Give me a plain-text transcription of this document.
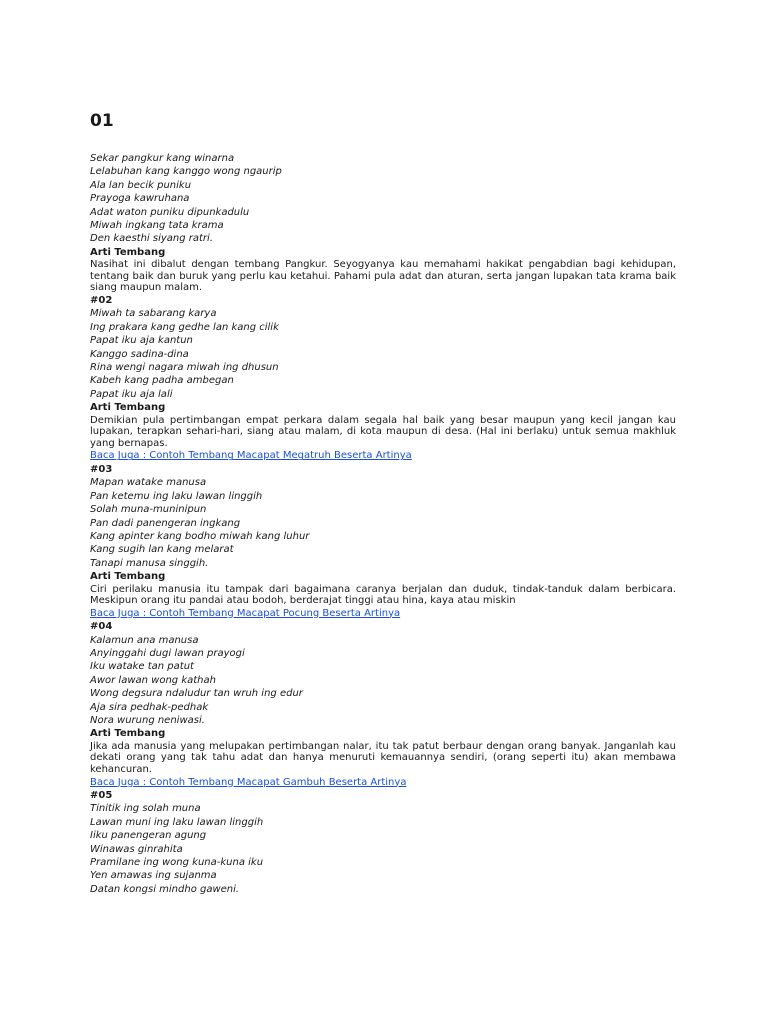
01
Sekar pangkur kang winarna
Lelabuhan kang kanggo wong ngaurip
Ala lan becik puniku
Prayoga kawruhana
Adat waton puniku dipunkadulu
Miwah ingkang tata krama
Den kaesthi siyang ratri.
Arti Tembang

Nasihat ini dibalut dengan tembang Pangkur. Seyogyanya kau memahami hakikat pengabdian bagi kehidupan, tentang baik dan buruk yang perlu kau ketahui. Pahami pula adat dan aturan, serta jangan lupakan tata krama baik siang maupun malam.

#02
Miwah ta sabarang karya
Ing prakara kang gedhe lan kang cilik
Papat iku aja kantun
Kanggo sadina-dina
Rina wengi nagara miwah ing dhusun
Kabeh kang padha ambegan
Papat iku aja lali
Arti Tembang

Demikian pula pertimbangan empat perkara dalam segala hal baik yang besar maupun yang kecil jangan kau lupakan, terapkan sehari-hari, siang atau malam, di kota maupun di desa. (Hal ini berlaku) untuk semua makhluk yang bernapas.

Baca Juga : Contoh Tembang Macapat Megatruh Beserta Artinya
#03
Mapan watake manusa
Pan ketemu ing laku lawan linggih
Solah muna-muninipun
Pan dadi panengeran ingkang
Kang apinter kang bodho miwah kang luhur
Kang sugih lan kang melarat
Tanapi manusa singgih.
Arti Tembang

Ciri perilaku manusia itu tampak dari bagaimana caranya berjalan dan duduk, tindak-tanduk dalam berbicara. Meskipun orang itu pandai atau bodoh, berderajat tinggi atau hina, kaya atau miskin

Baca Juga : Contoh Tembang Macapat Pocung Beserta Artinya
#04
Kalamun ana manusa
Anyinggahi dugi lawan prayogi
Iku watake tan patut
Awor lawan wong kathah
Wong degsura ndaludur tan wruh ing edur
Aja sira pedhak-pedhak
Nora wurung neniwasi.
Arti Tembang

Jika ada manusia yang melupakan pertimbangan nalar, itu tak patut berbaur dengan orang banyak. Janganlah kau dekati orang yang tak tahu adat dan hanya menuruti kemauannya sendiri, (orang seperti itu) akan membawa kehancuran.

Baca Juga : Contoh Tembang Macapat Gambuh Beserta Artinya
#05
Tinitik ing solah muna
Lawan muni ing laku lawan linggih
Iiku panengeran agung
Winawas ginrahita
Pramilane ing wong kuna-kuna iku
Yen amawas ing sujanma
Datan kongsi mindho gaweni.
